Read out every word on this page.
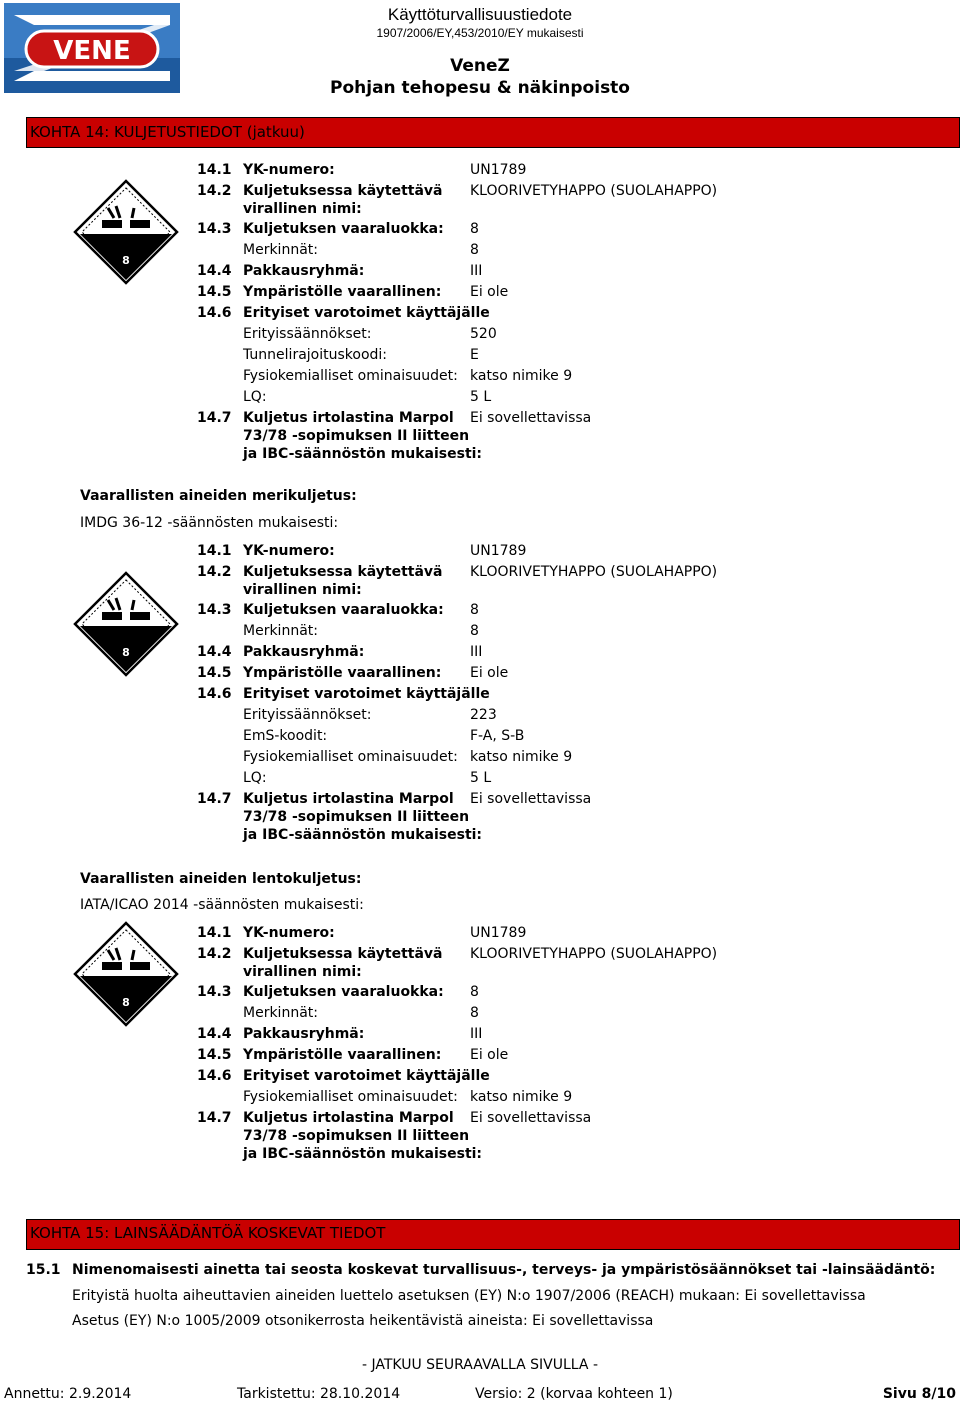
VENE
Käyttöturvallisuustiedote
1907/2006/EY,453/2010/EY mukaisesti
VeneZ
Pohjan tehopesu & näkinpoisto
KOHTA 14: KULJETUSTIEDOT (jatkuu)
8
14.1 YK-numero:	UN1789
14.2 Kuljetuksessa käytettävä KLOORIVETYHAPPO (SUOLAHAPPO)
virallinen nimi:
14.3 Kuljetuksen vaaraluokka: 8
Merkinnät:	8
14.4 Pakkausryhmä:	III
14.5 Ympäristölle vaarallinen: Ei ole
14.6 Erityiset varotoimet käyttäjälle
Erityissäännökset:	520
Tunnelirajoituskoodi:	E
Fysiokemialliset ominaisuudet: katso nimike 9
LQ:	5 L
14.7 Kuljetus irtolastina Marpol Ei sovellettavissa
73/78 -sopimuksen II liitteen
ja IBC-säännöstön mukaisesti:
Vaarallisten aineiden merikuljetus:
IMDG 36-12 -säännösten mukaisesti:
8
14.1 YK-numero:	UN1789
14.2 Kuljetuksessa käytettävä KLOORIVETYHAPPO (SUOLAHAPPO)
virallinen nimi:
14.3 Kuljetuksen vaaraluokka: 8
Merkinnät:	8
14.4 Pakkausryhmä:	III
14.5 Ympäristölle vaarallinen: Ei ole
14.6 Erityiset varotoimet käyttäjälle
Erityissäännökset:	223
EmS-koodit:	F-A, S-B
Fysiokemialliset ominaisuudet: katso nimike 9
LQ:	5 L
14.7 Kuljetus irtolastina Marpol Ei sovellettavissa
73/78 -sopimuksen II liitteen
ja IBC-säännöstön mukaisesti:
Vaarallisten aineiden lentokuljetus:
IATA/ICAO 2014 -säännösten mukaisesti:
8
14.1 YK-numero:	UN1789
14.2 Kuljetuksessa käytettävä KLOORIVETYHAPPO (SUOLAHAPPO)
virallinen nimi:
14.3 Kuljetuksen vaaraluokka: 8
Merkinnät:	8
14.4 Pakkausryhmä:	III
14.5 Ympäristölle vaarallinen: Ei ole
14.6 Erityiset varotoimet käyttäjälle
Fysiokemialliset ominaisuudet: katso nimike 9
14.7 Kuljetus irtolastina Marpol Ei sovellettavissa
73/78 -sopimuksen II liitteen
ja IBC-säännöstön mukaisesti:
KOHTA 15: LAINSÄÄDÄNTÖÄ KOSKEVAT TIEDOT
15.1 Nimenomaisesti ainetta tai seosta koskevat turvallisuus-, terveys- ja ympäristösäännökset tai -lainsäädäntö:
Erityistä huolta aiheuttavien aineiden luettelo asetuksen (EY) N:o 1907/2006 (REACH) mukaan: Ei sovellettavissa
Asetus (EY) N:o 1005/2009 otsonikerrosta heikentävistä aineista: Ei sovellettavissa
- JATKUU SEURAAVALLA SIVULLA -
Annettu: 2.9.2014	Tarkistettu: 28.10.2014	Versio: 2 (korvaa kohteen 1)	Sivu 8/10
